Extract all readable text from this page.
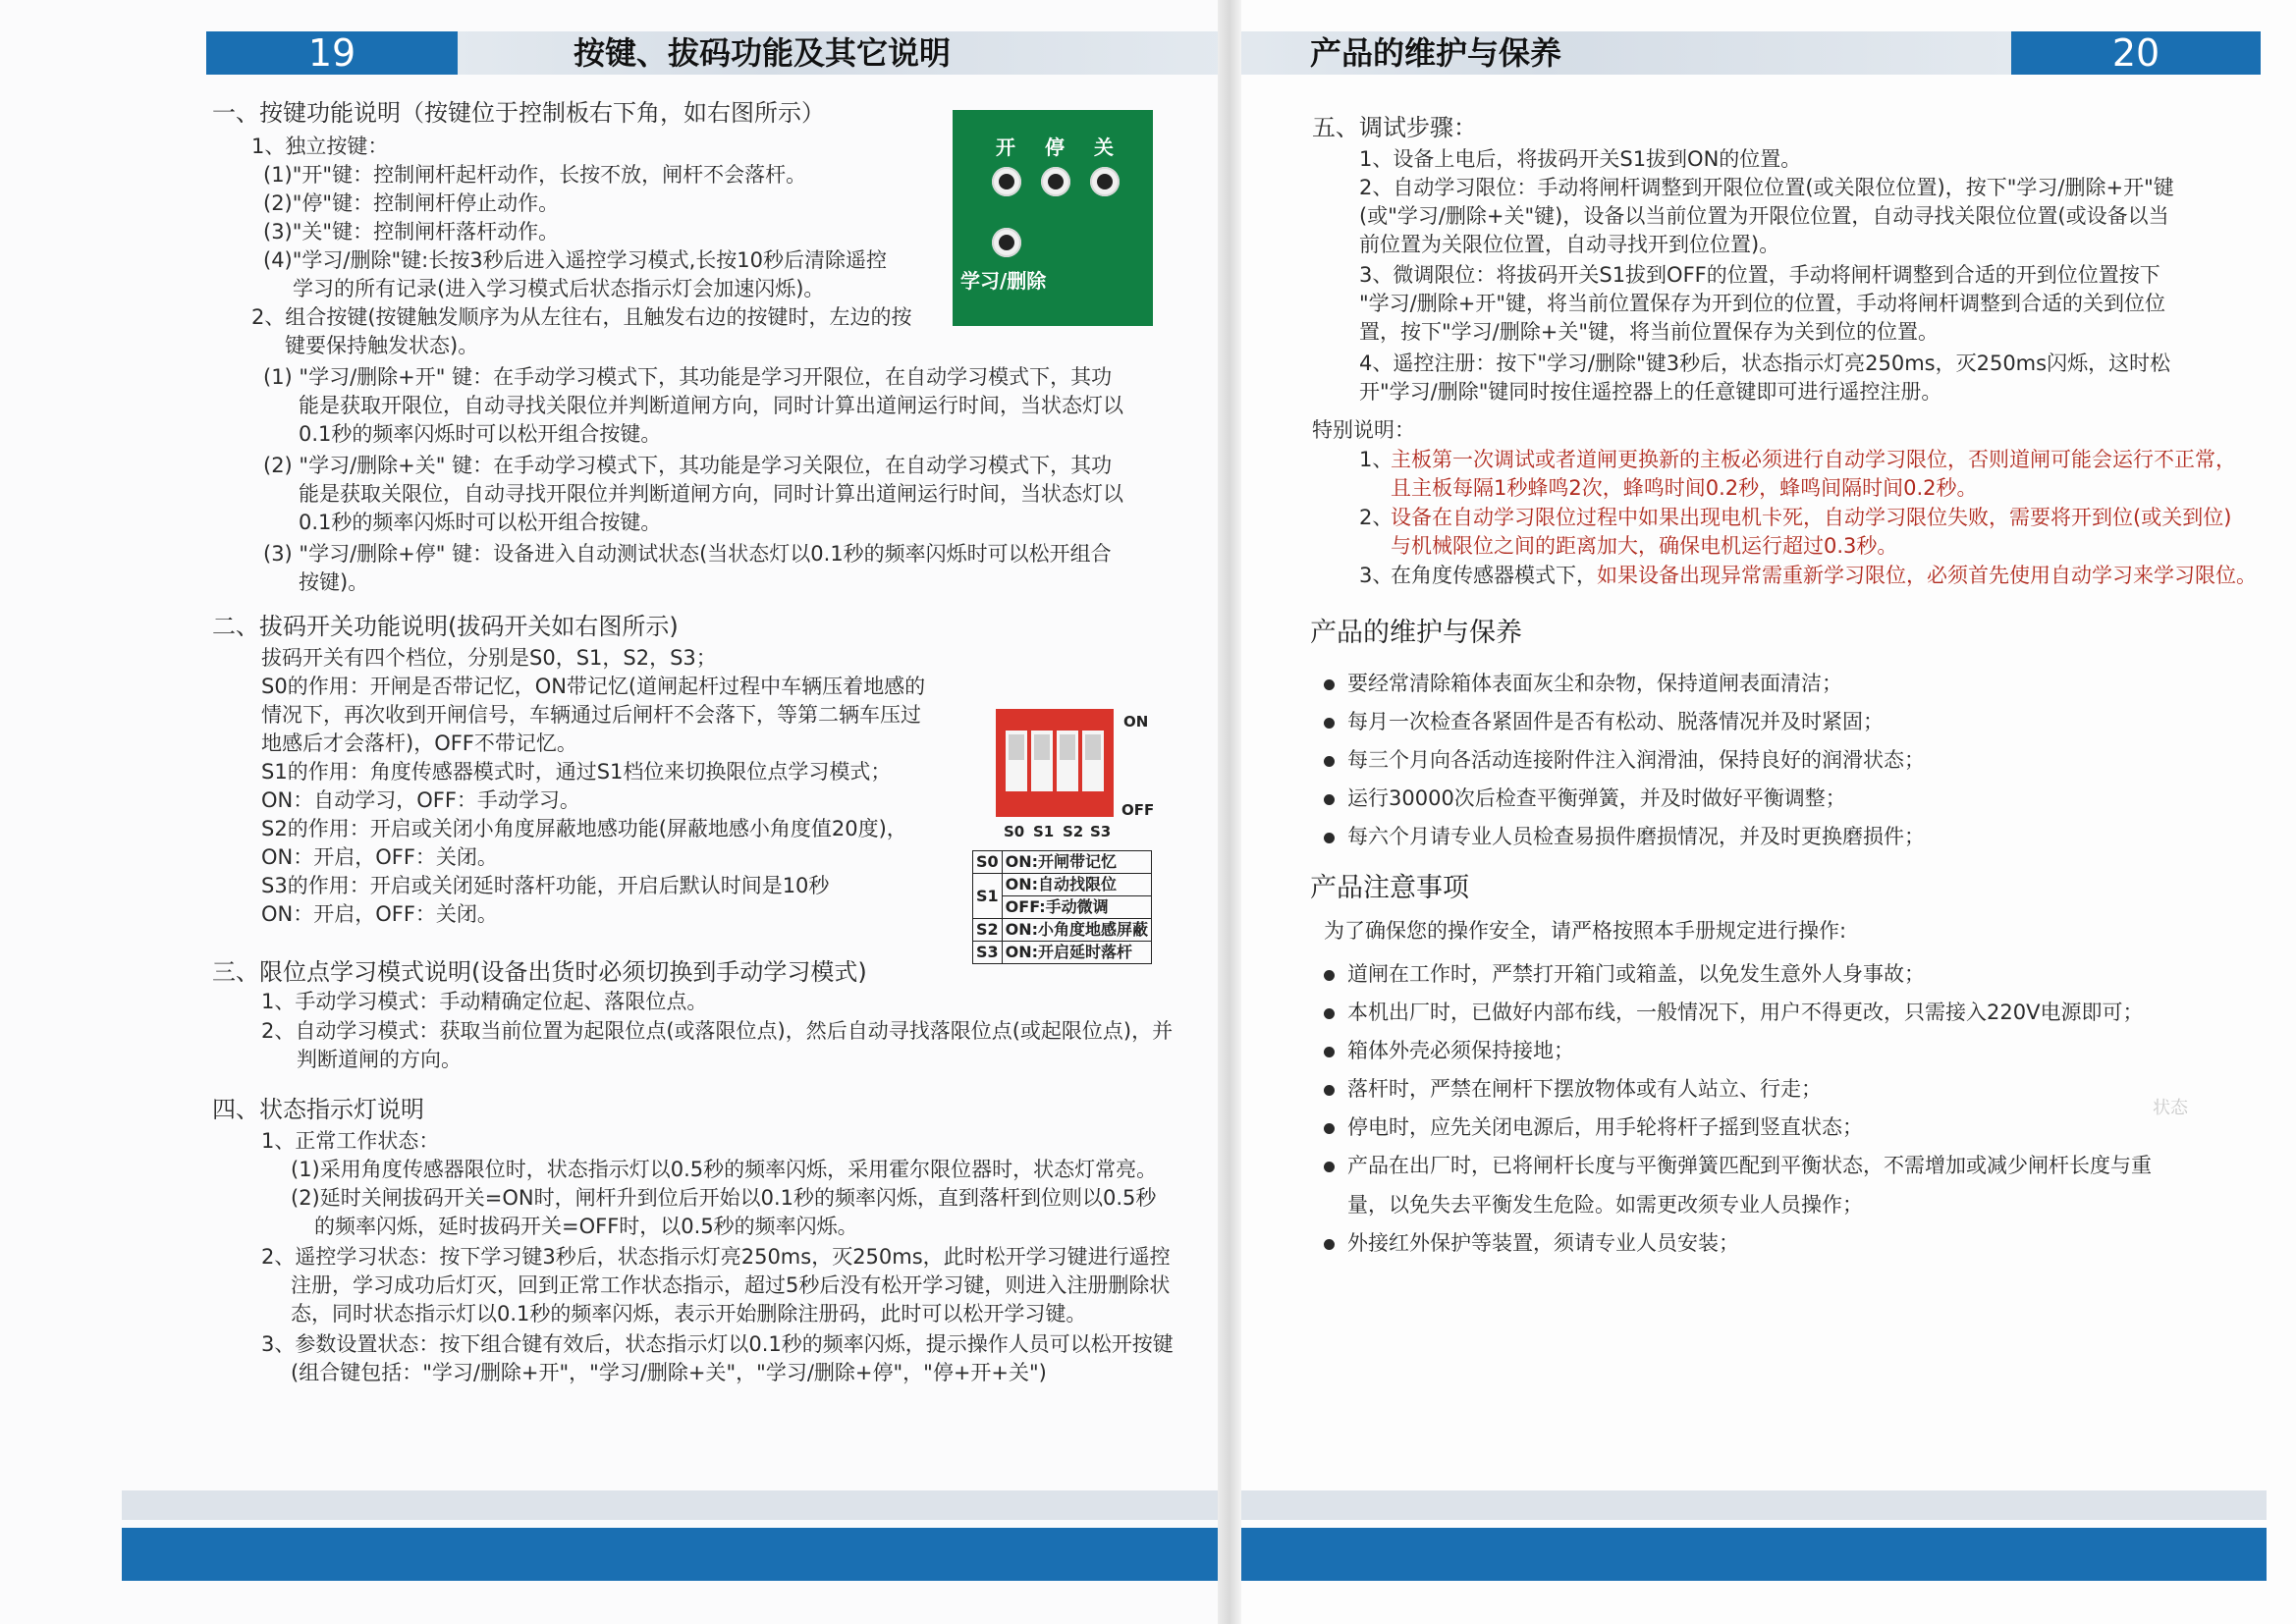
19	按键、拔码功能及其它说明
一、按键功能说明（按键位于控制板右下角，如右图所示）
1、独立按键：
(1)"开"键：控制闸杆起杆动作，长按不放，闸杆不会落杆。
(2)"停"键：控制闸杆停止动作。
(3)"关"键：控制闸杆落杆动作。
(4)"学习/删除"键:长按3秒后进入遥控学习模式,长按10秒后清除遥控
学习的所有记录(进入学习模式后状态指示灯会加速闪烁)。
2、组合按键(按键触发顺序为从左往右，且触发右边的按键时，左边的按
键要保持触发状态)。
(1) "学习/删除+开" 键：在手动学习模式下，其功能是学习开限位，在自动学习模式下，其功
能是获取开限位，自动寻找关限位并判断道闸方向，同时计算出道闸运行时间，当状态灯以
0.1秒的频率闪烁时可以松开组合按键。
(2) "学习/删除+关" 键：在手动学习模式下，其功能是学习关限位，在自动学习模式下，其功
能是获取关限位，自动寻找开限位并判断道闸方向，同时计算出道闸运行时间，当状态灯以
0.1秒的频率闪烁时可以松开组合按键。
(3) "学习/删除+停" 键：设备进入自动测试状态(当状态灯以0.1秒的频率闪烁时可以松开组合
按键)。
开 停 关
学习/删除
二、拔码开关功能说明(拔码开关如右图所示)
拔码开关有四个档位，分别是S0，S1，S2，S3；
S0的作用：开闸是否带记忆，ON带记忆(道闸起杆过程中车辆压着地感的
情况下，再次收到开闸信号，车辆通过后闸杆不会落下，等第二辆车压过
地感后才会落杆)，OFF不带记忆。
S1的作用：角度传感器模式时，通过S1档位来切换限位点学习模式；
ON：自动学习，OFF：手动学习。
S2的作用：开启或关闭小角度屏蔽地感功能(屏蔽地感小角度值20度)，
ON：开启，OFF：关闭。
S3的作用：开启或关闭延时落杆功能，开启后默认时间是10秒
ON：开启，OFF：关闭。
ON
OFF
S0 S1 S2 S3
S0	ON:开闸带记忆
S1	ON:自动找限位
	OFF:手动微调
S2	ON:小角度地感屏蔽
S3	ON:开启延时落杆
三、限位点学习模式说明(设备出货时必须切换到手动学习模式)
1、手动学习模式：手动精确定位起、落限位点。
2、自动学习模式：获取当前位置为起限位点(或落限位点)，然后自动寻找落限位点(或起限位点)，并
判断道闸的方向。
四、状态指示灯说明
1、正常工作状态：
(1)采用角度传感器限位时，状态指示灯以0.5秒的频率闪烁，采用霍尔限位器时，状态灯常亮。
(2)延时关闸拔码开关=ON时，闸杆升到位后开始以0.1秒的频率闪烁，直到落杆到位则以0.5秒
的频率闪烁，延时拔码开关=OFF时，以0.5秒的频率闪烁。
2、遥控学习状态：按下学习键3秒后，状态指示灯亮250ms，灭250ms，此时松开学习键进行遥控
注册，学习成功后灯灭，回到正常工作状态指示，超过5秒后没有松开学习键，则进入注册删除状
态，同时状态指示灯以0.1秒的频率闪烁，表示开始删除注册码，此时可以松开学习键。
3、参数设置状态：按下组合键有效后，状态指示灯以0.1秒的频率闪烁，提示操作人员可以松开按键
(组合键包括："学习/删除+开"，"学习/删除+关"，"学习/删除+停"，"停+开+关")
产品的维护与保养	20
五、调试步骤：
1、设备上电后，将拔码开关S1拔到ON的位置。
2、自动学习限位：手动将闸杆调整到开限位位置(或关限位位置)，按下"学习/删除+开"键
(或"学习/删除+关"键)，设备以当前位置为开限位位置，自动寻找关限位位置(或设备以当
前位置为关限位位置，自动寻找开到位位置)。
3、微调限位：将拔码开关S1拔到OFF的位置，手动将闸杆调整到合适的开到位位置按下
"学习/删除+开"键，将当前位置保存为开到位的位置，手动将闸杆调整到合适的关到位位
置，按下"学习/删除+关"键，将当前位置保存为关到位的位置。
4、遥控注册：按下"学习/删除"键3秒后，状态指示灯亮250ms，灭250ms闪烁，这时松
开"学习/删除"键同时按住遥控器上的任意键即可进行遥控注册。
特别说明：
1、
主板第一次调试或者道闸更换新的主板必须进行自动学习限位，否则道闸可能会运行不正常，
且主板每隔1秒蜂鸣2次，蜂鸣时间0.2秒，蜂鸣间隔时间0.2秒。
2、
设备在自动学习限位过程中如果出现电机卡死，自动学习限位失败，需要将开到位(或关到位)
与机械限位之间的距离加大，确保电机运行超过0.3秒。
3、
在角度传感器模式下， 如果设备出现异常需重新学习限位，必须首先使用自动学习来学习限位。
产品的维护与保养
要经常清除箱体表面灰尘和杂物，保持道闸表面清洁；
每月一次检查各紧固件是否有松动、脱落情况并及时紧固；
每三个月向各活动连接附件注入润滑油，保持良好的润滑状态；
运行30000次后检查平衡弹簧，并及时做好平衡调整；
每六个月请专业人员检查易损件磨损情况，并及时更换磨损件；
产品注意事项
为了确保您的操作安全，请严格按照本手册规定进行操作:
道闸在工作时，严禁打开箱门或箱盖，以免发生意外人身事故；
本机出厂时，已做好内部布线，一般情况下，用户不得更改，只需接入220V电源即可；
箱体外壳必须保持接地；
落杆时，严禁在闸杆下摆放物体或有人站立、行走；
停电时，应先关闭电源后，用手轮将杆子摇到竖直状态；
产品在出厂时，已将闸杆长度与平衡弹簧匹配到平衡状态，不需增加或减少闸杆长度与重
量，以免失去平衡发生危险。如需更改须专业人员操作；
外接红外保护等装置，须请专业人员安装；
状态
